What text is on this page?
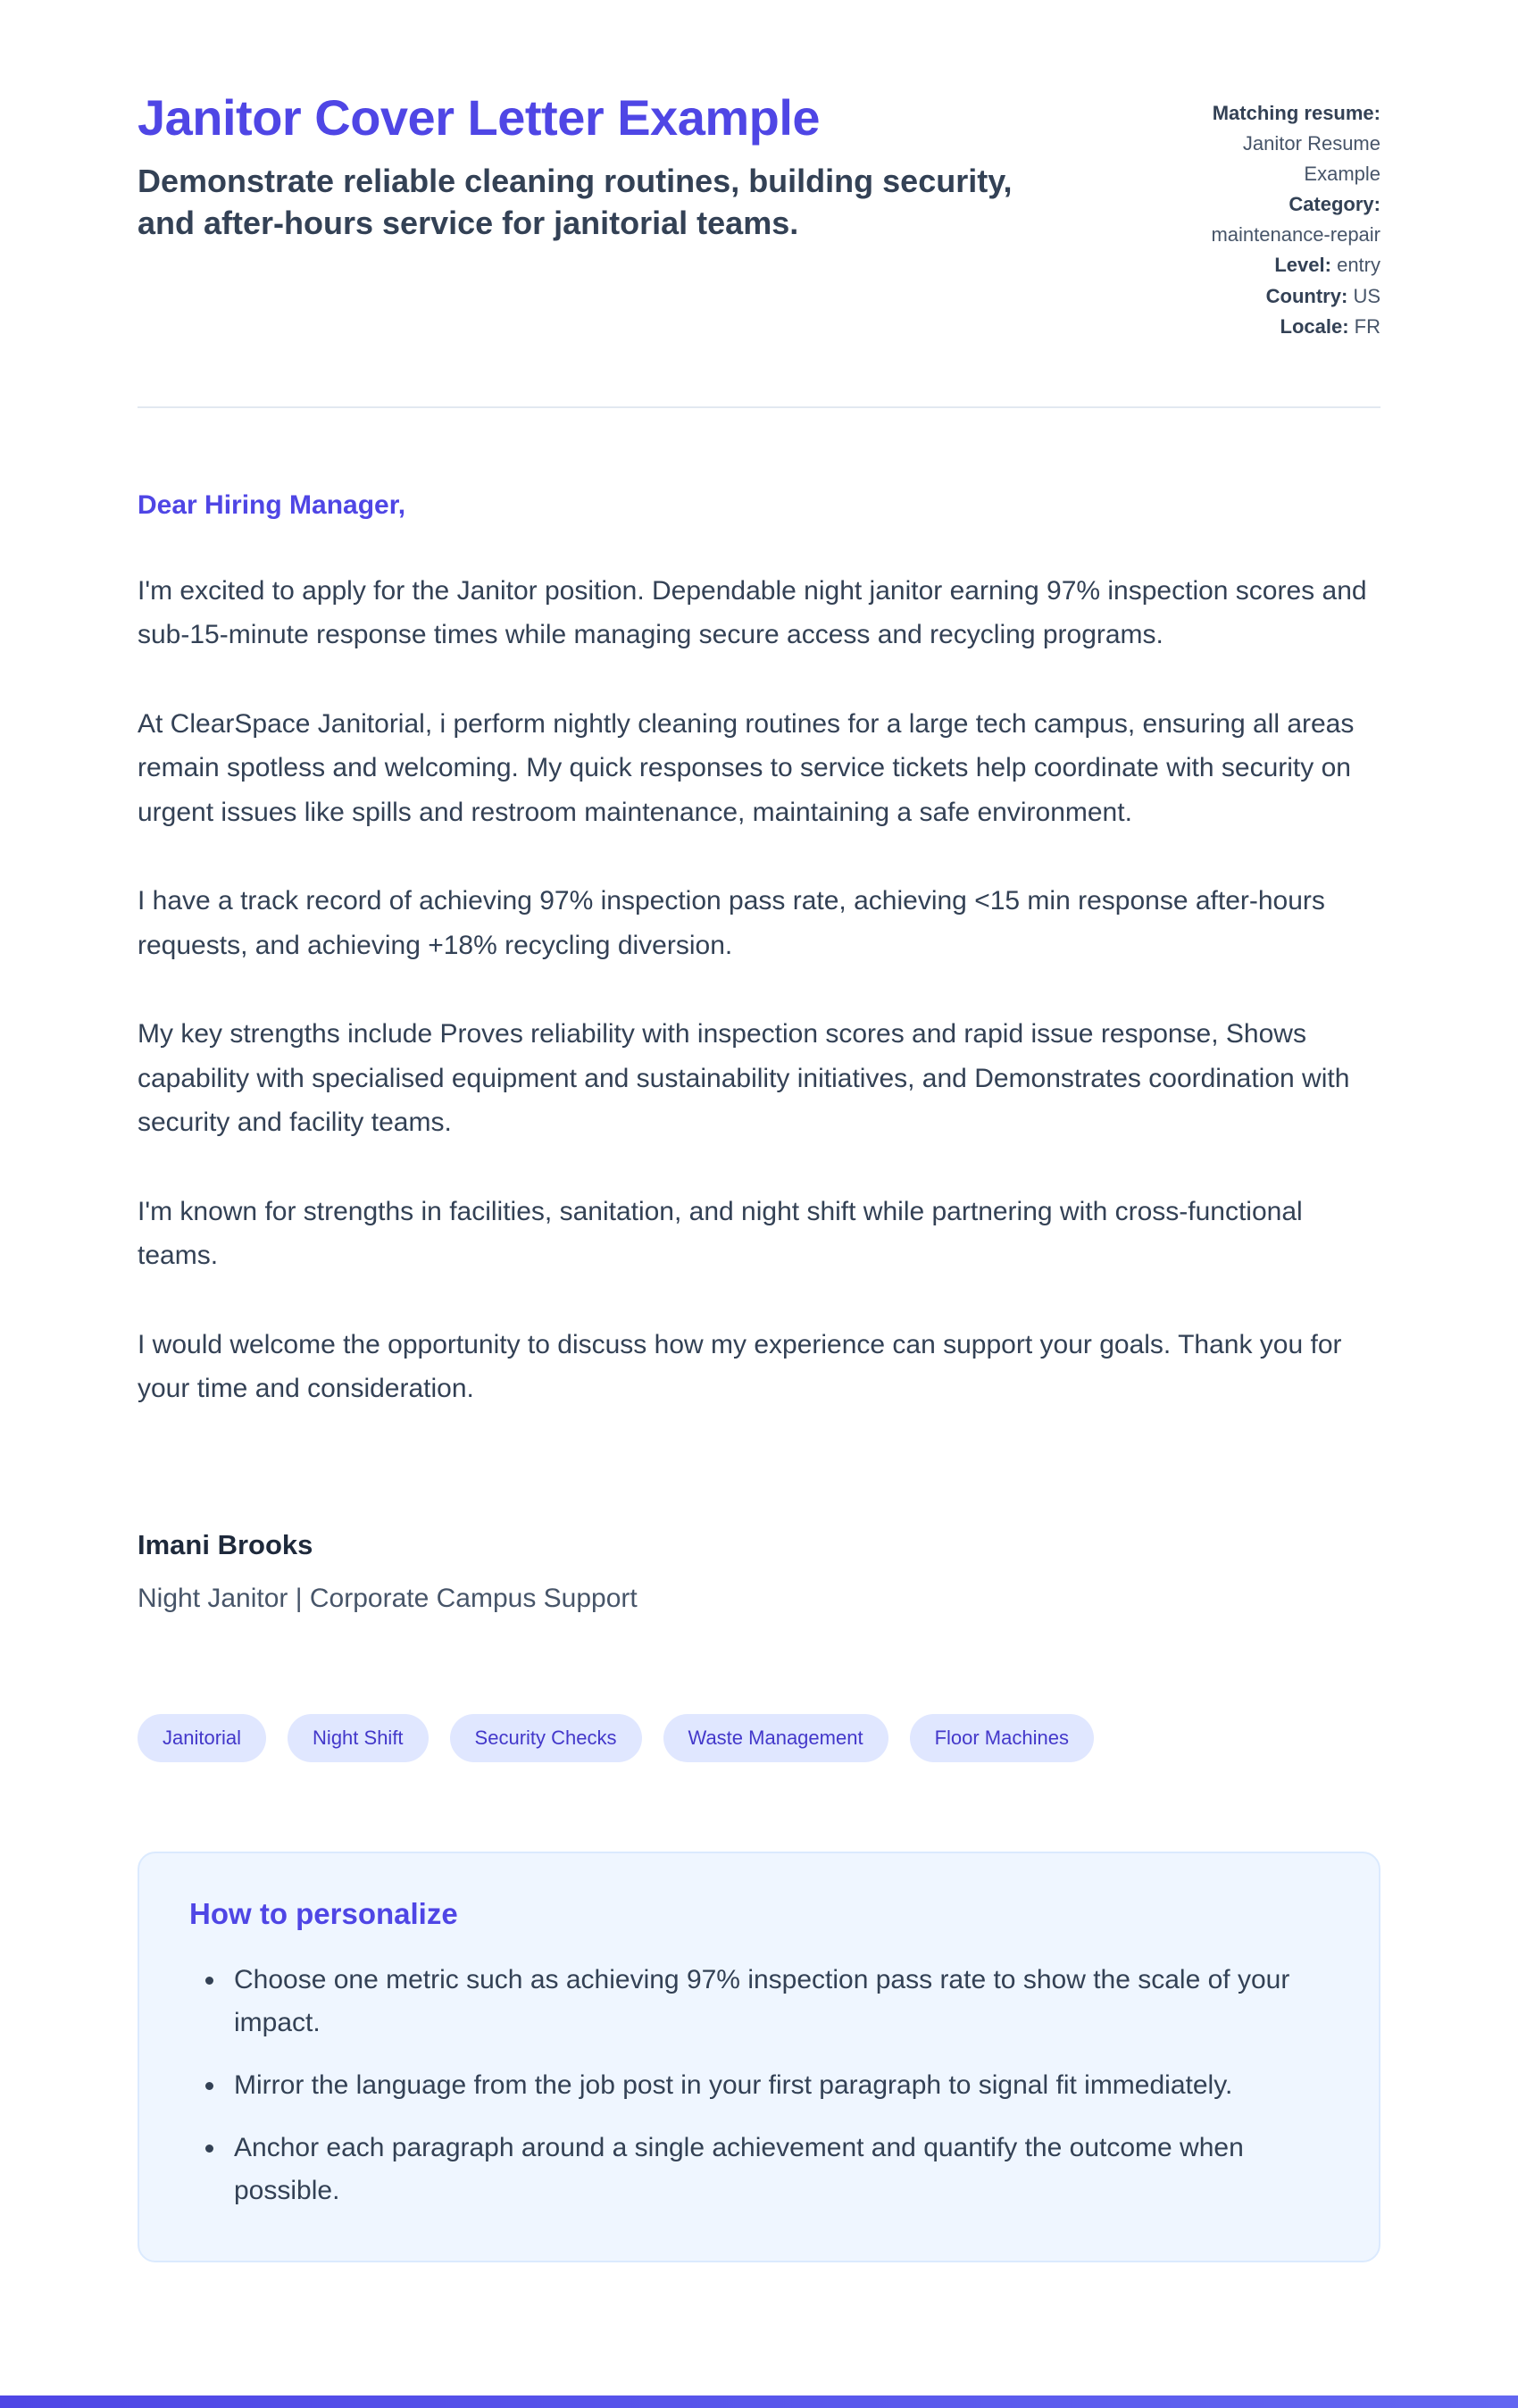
Janitor Cover Letter Example

Demonstrate reliable cleaning routines, building security, and after-hours service for janitorial teams.

Matching resume: Janitor Resume Example
Category: maintenance-repair
Level: entry
Country: US
Locale: FR

Dear Hiring Manager,

I'm excited to apply for the Janitor position. Dependable night janitor earning 97% inspection scores and sub-15-minute response times while managing secure access and recycling programs.

At ClearSpace Janitorial, i perform nightly cleaning routines for a large tech campus, ensuring all areas remain spotless and welcoming. My quick responses to service tickets help coordinate with security on urgent issues like spills and restroom maintenance, maintaining a safe environment.

I have a track record of achieving 97% inspection pass rate, achieving <15 min response after-hours requests, and achieving +18% recycling diversion.

My key strengths include Proves reliability with inspection scores and rapid issue response, Shows capability with specialised equipment and sustainability initiatives, and Demonstrates coordination with security and facility teams.

I'm known for strengths in facilities, sanitation, and night shift while partnering with cross-functional teams.

I would welcome the opportunity to discuss how my experience can support your goals. Thank you for your time and consideration.

Imani Brooks

Night Janitor | Corporate Campus Support

Janitorial	Night Shift	Security Checks	Waste Management	Floor Machines
How to personalize
• Choose one metric such as achieving 97% inspection pass rate to show the scale of your impact.
• Mirror the language from the job post in your first paragraph to signal fit immediately.
• Anchor each paragraph around a single achievement and quantify the outcome when possible.
